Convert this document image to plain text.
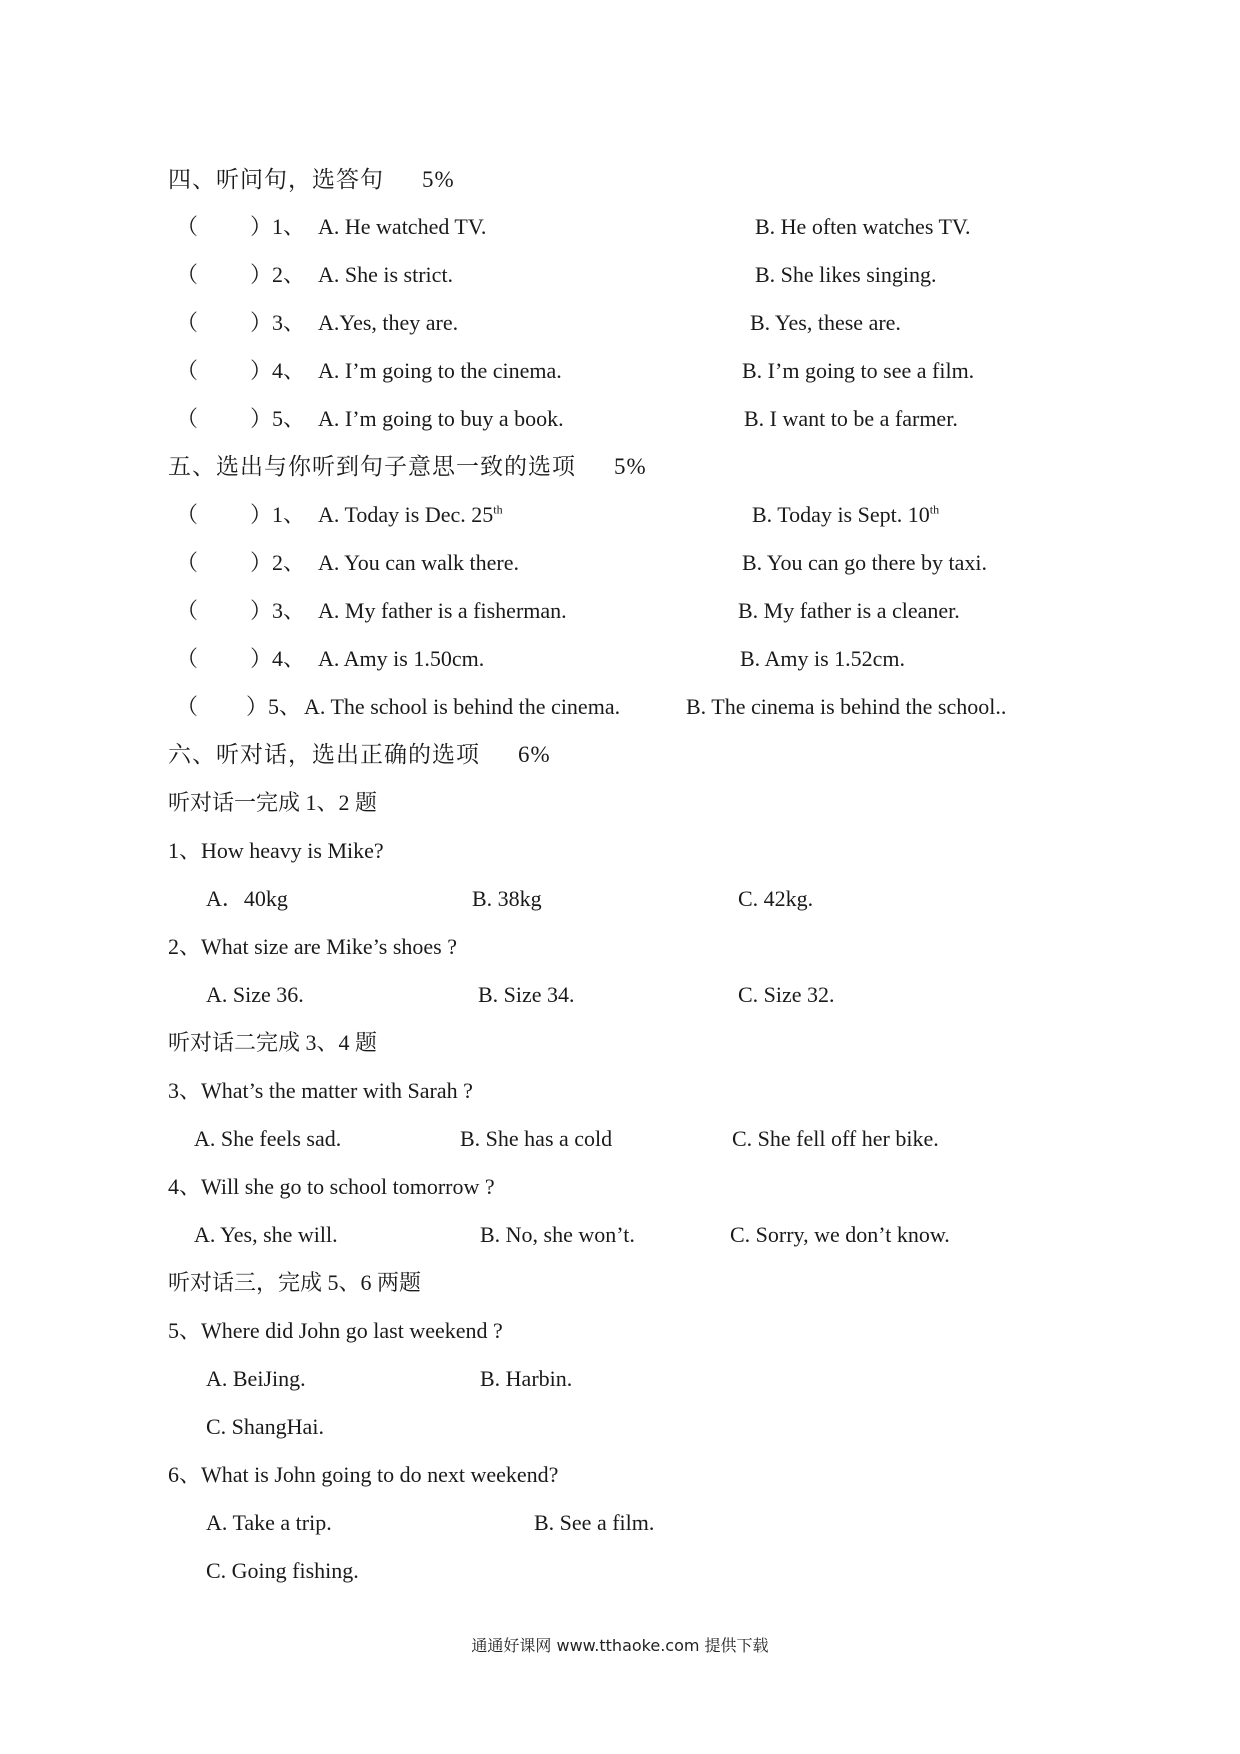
四、听问句，选答句 5%
（ ）1、 A. He watched TV.	B. He often watches TV.
（ ）2、 A. She is strict.	B. She likes singing.
（ ）3、 A.Yes, they are.	B. Yes, these are.
（ ）4、 A. I’m going to the cinema.	B. I’m going to see a film.
（ ）5、 A. I’m going to buy a book.	B. I want to be a farmer.
五、选出与你听到句子意思一致的选项 5%
（ ）1、 A. Today is Dec. 25th	B. Today is Sept. 10th
（ ）2、 A. You can walk there.	B. You can go there by taxi.
（ ）3、 A. My father is a fisherman.	B. My father is a cleaner.
（ ）4、 A. Amy is 1.50cm.	B. Amy is 1.52cm.
（ ）5、 A. The school is behind the cinema.	B. The cinema is behind the school..
六、听对话，选出正确的选项 6%
听对话一完成 1、2 题
1、How heavy is Mike?
A．40kg	B. 38kg	C. 42kg.
2、What size are Mike’s shoes ?
A. Size 36.	B. Size 34.	C. Size 32.
听对话二完成 3、4 题
3、What’s the matter with Sarah ?
A. She feels sad.	B. She has a cold	C. She fell off her bike.
4、Will she go to school tomorrow ?
A. Yes, she will.	B. No, she won’t.	C. Sorry, we don’t know.
听对话三，完成 5、6 两题
5、Where did John go last weekend ?
A. BeiJing.	B. Harbin.
C. ShangHai.
6、What is John going to do next weekend?
A. Take a trip.	B. See a film.
C. Going fishing.
通通好课网 www.tthaoke.com 提供下载
